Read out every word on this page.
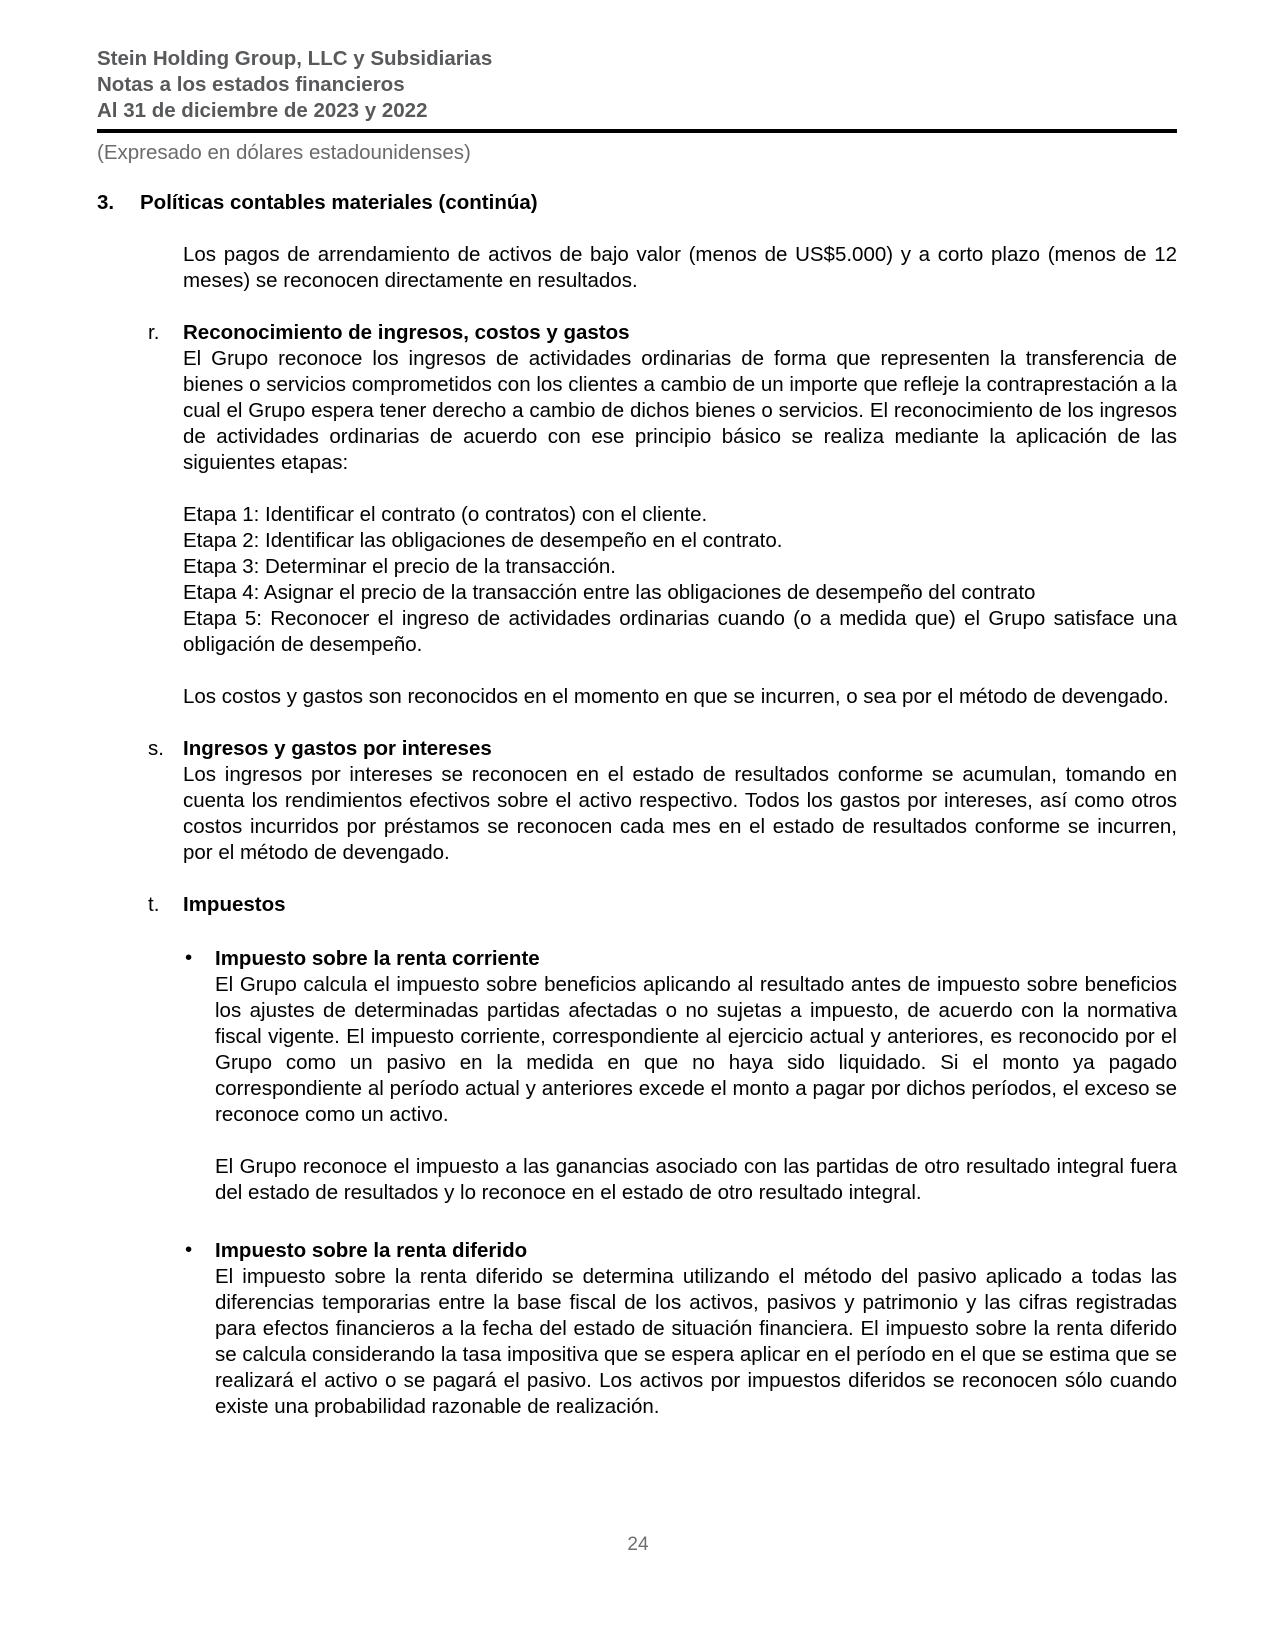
Stein Holding Group, LLC y Subsidiarias
Notas a los estados financieros
Al 31 de diciembre de 2023 y 2022
(Expresado en dólares estadounidenses)
3.	Políticas contables materiales (continúa)

Los pagos de arrendamiento de activos de bajo valor (menos de US$5.000) y a corto plazo (menos de 12 meses) se reconocen directamente en resultados.

r. Reconocimiento de ingresos, costos y gastos

El Grupo reconoce los ingresos de actividades ordinarias de forma que representen la transferencia de bienes o servicios comprometidos con los clientes a cambio de un importe que refleje la contraprestación a la cual el Grupo espera tener derecho a cambio de dichos bienes o servicios. El reconocimiento de los ingresos de actividades ordinarias de acuerdo con ese principio básico se realiza mediante la aplicación de las siguientes etapas:

Etapa 1: Identificar el contrato (o contratos) con el cliente.
Etapa 2: Identificar las obligaciones de desempeño en el contrato.
Etapa 3: Determinar el precio de la transacción.
Etapa 4: Asignar el precio de la transacción entre las obligaciones de desempeño del contrato

Etapa 5: Reconocer el ingreso de actividades ordinarias cuando (o a medida que) el Grupo satisface una obligación de desempeño.

Los costos y gastos son reconocidos en el momento en que se incurren, o sea por el método de devengado.

s. Ingresos y gastos por intereses

Los ingresos por intereses se reconocen en el estado de resultados conforme se acumulan, tomando en cuenta los rendimientos efectivos sobre el activo respectivo. Todos los gastos por intereses, así como otros costos incurridos por préstamos se reconocen cada mes en el estado de resultados conforme se incurren, por el método de devengado.

t. Impuestos
• Impuesto sobre la renta corriente

El Grupo calcula el impuesto sobre beneficios aplicando al resultado antes de impuesto sobre beneficios los ajustes de determinadas partidas afectadas o no sujetas a impuesto, de acuerdo con la normativa fiscal vigente. El impuesto corriente, correspondiente al ejercicio actual y anteriores, es reconocido por el Grupo como un pasivo en la medida en que no haya sido liquidado. Si el monto ya pagado correspondiente al período actual y anteriores excede el monto a pagar por dichos períodos, el exceso se reconoce como un activo.

El Grupo reconoce el impuesto a las ganancias asociado con las partidas de otro resultado integral fuera del estado de resultados y lo reconoce en el estado de otro resultado integral.

• Impuesto sobre la renta diferido

El impuesto sobre la renta diferido se determina utilizando el método del pasivo aplicado a todas las diferencias temporarias entre la base fiscal de los activos, pasivos y patrimonio y las cifras registradas para efectos financieros a la fecha del estado de situación financiera. El impuesto sobre la renta diferido se calcula considerando la tasa impositiva que se espera aplicar en el período en el que se estima que se realizará el activo o se pagará el pasivo. Los activos por impuestos diferidos se reconocen sólo cuando existe una probabilidad razonable de realización.

24
